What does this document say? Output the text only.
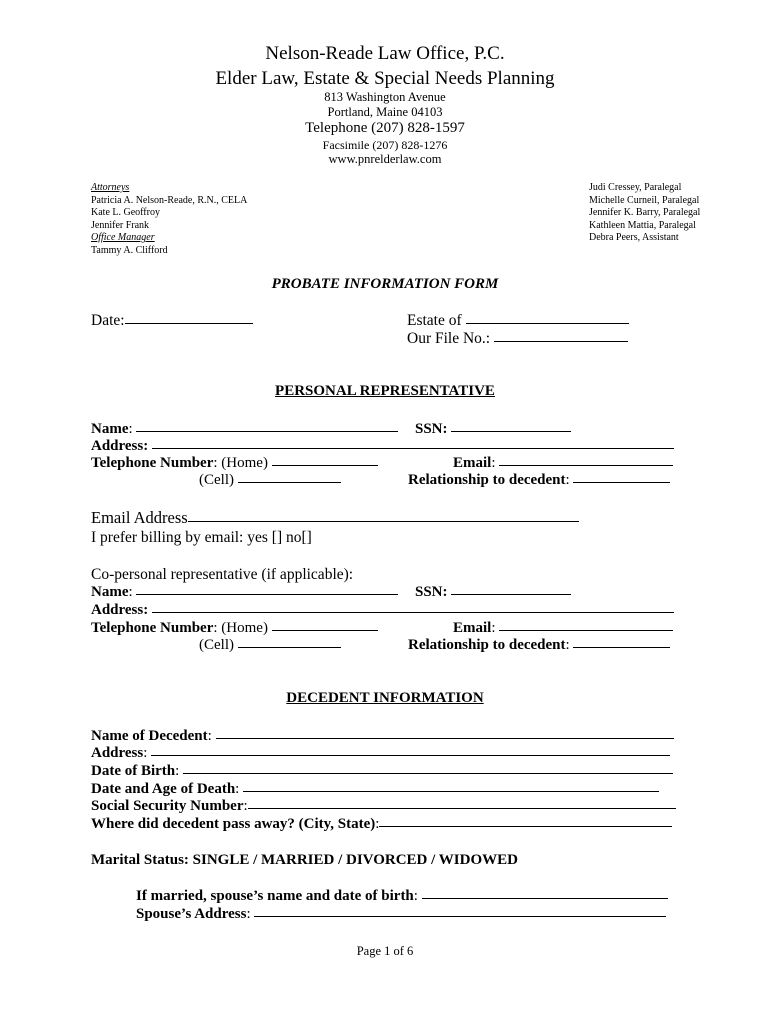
Nelson-Reade Law Office, P.C.
Elder Law, Estate & Special Needs Planning
813 Washington Avenue
Portland, Maine 04103
Telephone (207) 828-1597
Facsimile (207) 828-1276
www.pnrelderlaw.com
Attorneys
Patricia A. Nelson-Reade, R.N., CELA
Kate L. Geoffroy
Jennifer Frank
Office Manager
Tammy A. Clifford
Judi Cressey, Paralegal
Michelle Curneil, Paralegal
Jennifer K. Barry, Paralegal
Kathleen Mattia, Paralegal
Debra Peers, Assistant
PROBATE INFORMATION FORM
Date:	Estate of
Our File No.:
PERSONAL REPRESENTATIVE
Name:	SSN:
Address:
Telephone Number: (Home)	Email:
(Cell)	Relationship to decedent:
Email Address
I prefer billing by email: yes [] no[]
Co-personal representative (if applicable):
Name:	SSN:
Address:
Telephone Number: (Home)	Email:
(Cell)	Relationship to decedent:
DECEDENT INFORMATION
Name of Decedent:
Address:
Date of Birth:
Date and Age of Death:
Social Security Number:
Where did decedent pass away? (City, State):
Marital Status: SINGLE / MARRIED / DIVORCED / WIDOWED
If married, spouse’s name and date of birth:
Spouse’s Address:
Page 1 of 6
